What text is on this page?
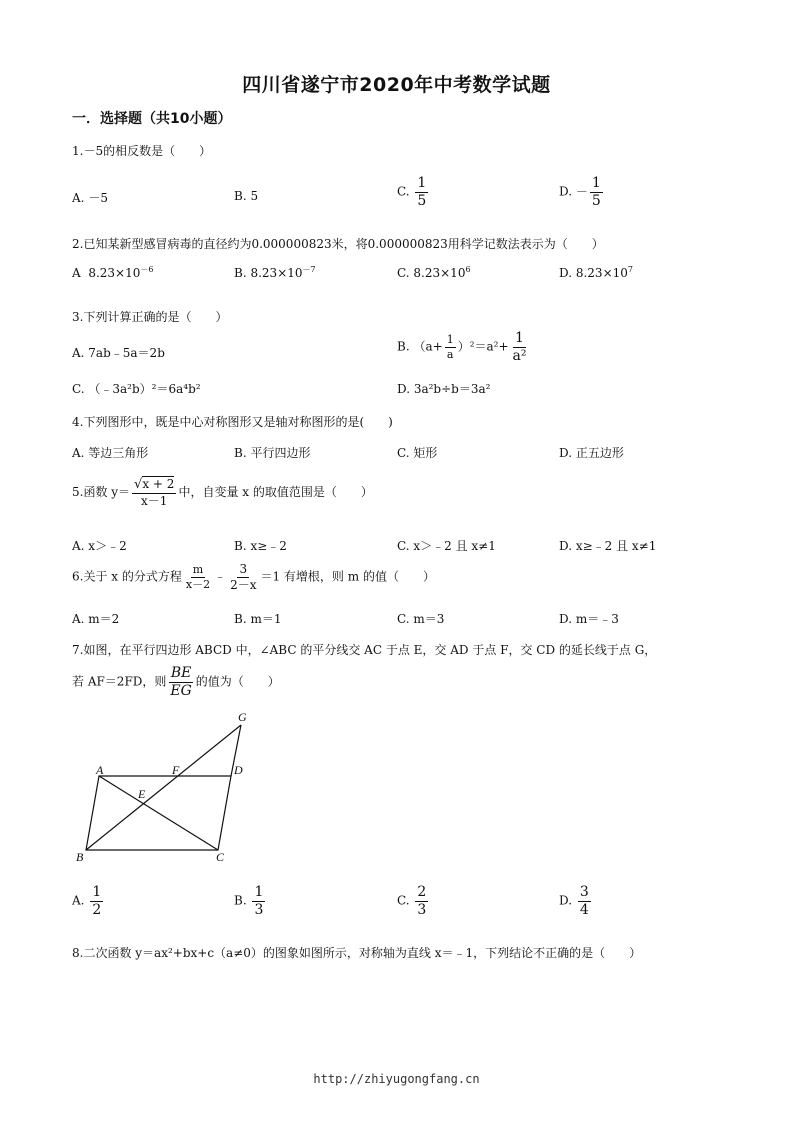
四川省遂宁市2020年中考数学试题
一．选择题（共10小题）
1.－5的相反数是（　　）
A. －5	B. 5	C. $\frac{1}{5}$	D. － $\frac{1}{5}$
2.已知某新型感冒病毒的直径约为0.000000823米，将0.000000823用科学记数法表示为（　　）
A $8.23\times 10^{-6}$	B. $8.23\times 10^{-7}$	C. $8.23\times 10^6$	D. $8.23\times 10^7$
3.下列计算正确的是（　　）
A. 7ab﹣5a＝2b	B. $(a+ \frac{1}{a} )^2=a^2+ \frac{1}{\text{a²}}$
C. （﹣3a²b）²＝6a⁴b²	D. 3a²b÷b＝3a²
4.下列图形中，既是中心对称图形又是轴对称图形的是(　　)
A. 等边三角形	B. 平行四边形	C. 矩形	D. 正五边形
5.函数 $y= \frac{√x + 2}{x-1}$ 中，自变量 x 的取值范围是（　　）
A. x＞﹣2	B. x≥﹣2	C. x＞﹣2 且 x≠1	D. x≥﹣2 且 x≠1
6.关于 x 的分式方程 $\frac{m}{x-2}$ ﹣ $\frac{3}{2-x} =1$ 有增根，则 m 的值（　　）
A. m＝2	B. m＝1	C. m＝3	D. m＝﹣3
7.如图，在平行四边形 ABCD 中，∠ABC 的平分线交 AC 于点 E，交 AD 于点 F，交 CD 的延长线于点 G，
若 AF＝2FD，则 $\frac{BE}{EG}$ 的值为（　　）
A	F	D
E
B	C
G
A. $\frac{1}{2}$	B. $\frac{1}{3}$	C. $\frac{2}{3}$	D. $\frac{3}{4}$
8.二次函数 y＝ax²+bx+c（a≠0）的图象如图所示，对称轴为直线 x＝﹣1，下列结论不正确的是（　　）
http://zhiyugongfang.cn
